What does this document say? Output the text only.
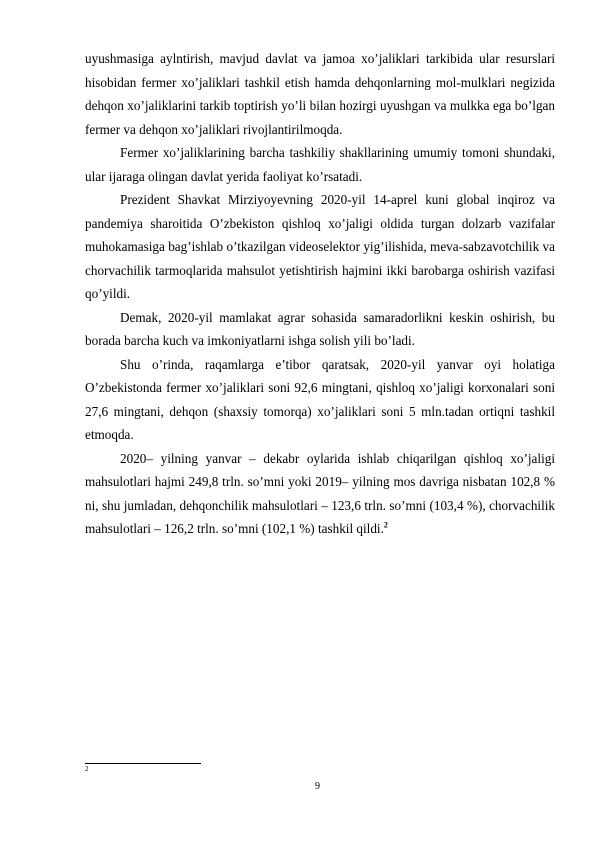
uyushmasiga aylntirish, mavjud davlat va jamoa xo’jaliklari tarkibida ular resurslari hisobidan fermer xo’jaliklari tashkil etish hamda dehqonlarning mol-mulklari negizida dehqon xo’jaliklarini tarkib toptirish yo’li bilan hozirgi uyushgan va mulkka ega bo’lgan fermer va dehqon xo’jaliklari rivojlantirilmoqda.

Fermer xo’jaliklarining barcha tashkiliy shakllarining umumiy tomoni shundaki, ular ijaraga olingan davlat yerida faoliyat ko’rsatadi.

Prezident Shavkat Mirziyoyevning 2020-yil 14-aprel kuni global inqiroz va pandemiya sharoitida O’zbekiston qishloq xo’jaligi oldida turgan dolzarb vazifalar muhokamasiga bag’ishlab o’tkazilgan videoselektor yig’ilishida, meva-sabzavotchilik va chorvachilik tarmoqlarida mahsulot yetishtirish hajmini ikki barobarga oshirish vazifasi qo’yildi.

Demak, 2020-yil mamlakat agrar sohasida samaradorlikni keskin oshirish, bu borada barcha kuch va imkoniyatlarni ishga solish yili bo’ladi.

Shu o’rinda, raqamlarga e’tibor qaratsak, 2020-yil yanvar oyi holatiga O’zbekistonda fermer xo’jaliklari soni 92,6 mingtani, qishloq xo’jaligi korxonalari soni 27,6 mingtani, dehqon (shaxsiy tomorqa) xo’jaliklari soni 5 mln.tadan ortiqni tashkil etmoqda.

2020– yilning yanvar – dekabr oylarida ishlab chiqarilgan qishloq xo’jaligi mahsulotlari hajmi 249,8 trln. so’mni yoki 2019– yilning mos davriga nisbatan 102,8 % ni, shu jumladan, dehqonchilik mahsulotlari – 123,6 trln. so’mni (103,4 %), chorvachilik mahsulotlari – 126,2 trln. so’mni (102,1 %) tashkil qildi.$^2$

2
9
